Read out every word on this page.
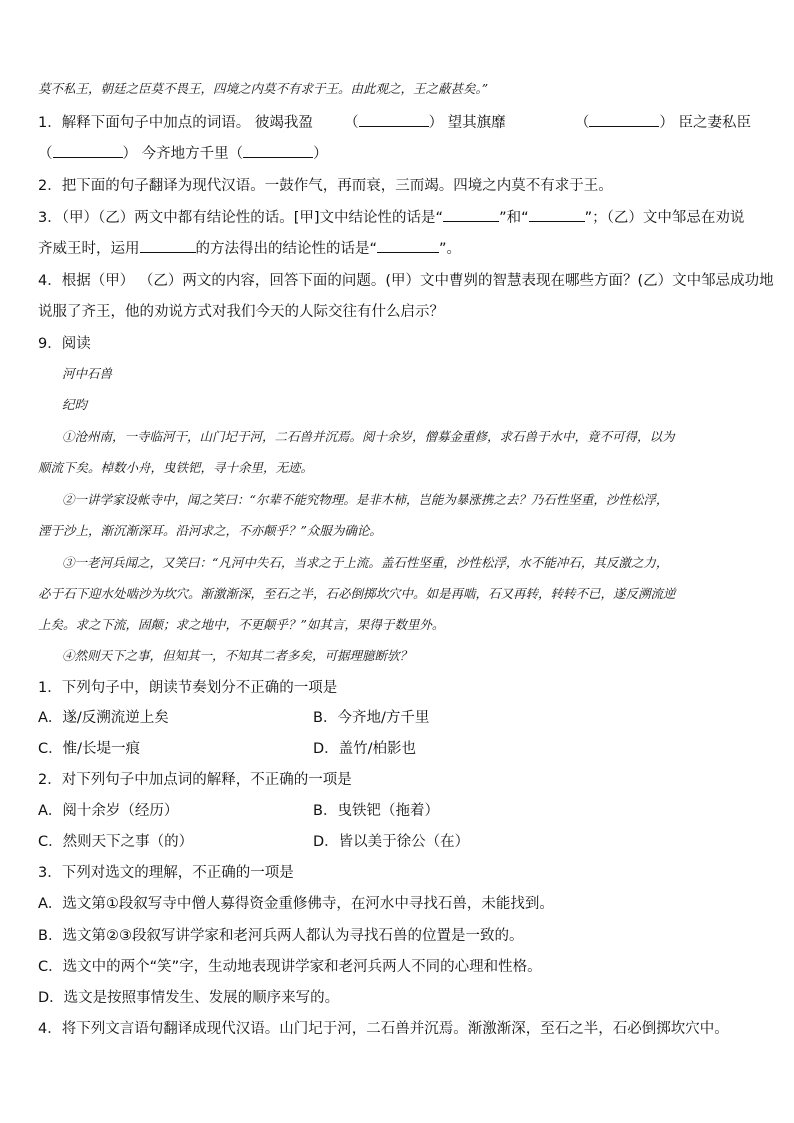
莫不私王，朝廷之臣莫不畏王，四境之内莫不有求于王。由此观之，王之蔽甚矣。”
1．解释下面句子中加点的词语。 彼竭我盈 （	） 望其旗靡	（	） 臣之妻私臣
（	） 今齐地方千里（	）
2．把下面的句子翻译为现代汉语。一鼓作气，再而衰，三而竭。四境之内莫不有求于王。
3．（甲）（乙）两文中都有结论性的话。[甲]文中结论性的话是“	”和“	”；（乙）文中邹忌在劝说
齐威王时，运用	的方法得出的结论性的话是“	”。
4．根据（甲） （乙）两文的内容，回答下面的问题。(甲）文中曹刿的智慧表现在哪些方面？(乙）文中邹忌成功地
说服了齐王，他的劝说方式对我们今天的人际交往有什么启示？
9．阅读
河中石兽
纪昀
①沧州南，一寺临河干，山门圮于河，二石兽并沉焉。阅十余岁，僧募金重修，求石兽于水中，竟不可得，以为
顺流下矣。棹数小舟，曳铁钯，寻十余里，无迹。
②一讲学家设帐寺中，闻之笑曰：“尔辈不能究物理。是非木柿，岂能为暴涨携之去？乃石性坚重，沙性松浮，
湮于沙上，渐沉渐深耳。沿河求之，不亦颠乎？”众服为确论。
③一老河兵闻之，又笑曰：“凡河中失石，当求之于上流。盖石性坚重，沙性松浮，水不能冲石，其反激之力，
必于石下迎水处啮沙为坎穴。渐激渐深，至石之半，石必倒掷坎穴中。如是再啮，石又再转，转转不已，遂反溯流逆
上矣。求之下流，固颠；求之地中，不更颠乎？”如其言，果得于数里外。
④然则天下之事，但知其一，不知其二者多矣，可据理臆断欤？
1．下列句子中，朗读节奏划分不正确的一项是
A．遂/反溯流逆上矣	B．今齐地/方千里
C．惟/长堤一痕	D．盖竹/柏影也
2．对下列句子中加点词的解释，不正确的一项是
A．阅十余岁（经历）	B．曳铁钯（拖着）
C．然则天下之事（的）	D．皆以美于徐公（在）
3．下列对选文的理解，不正确的一项是
A．选文第①段叙写寺中僧人募得资金重修佛寺，在河水中寻找石兽，未能找到。
B．选文第②③段叙写讲学家和老河兵两人都认为寻找石兽的位置是一致的。
C．选文中的两个“笑”字，生动地表现讲学家和老河兵两人不同的心理和性格。
D．选文是按照事情发生、发展的顺序来写的。
4．将下列文言语句翻译成现代汉语。山门圮于河，二石兽并沉焉。渐激渐深，至石之半，石必倒掷坎穴中。
